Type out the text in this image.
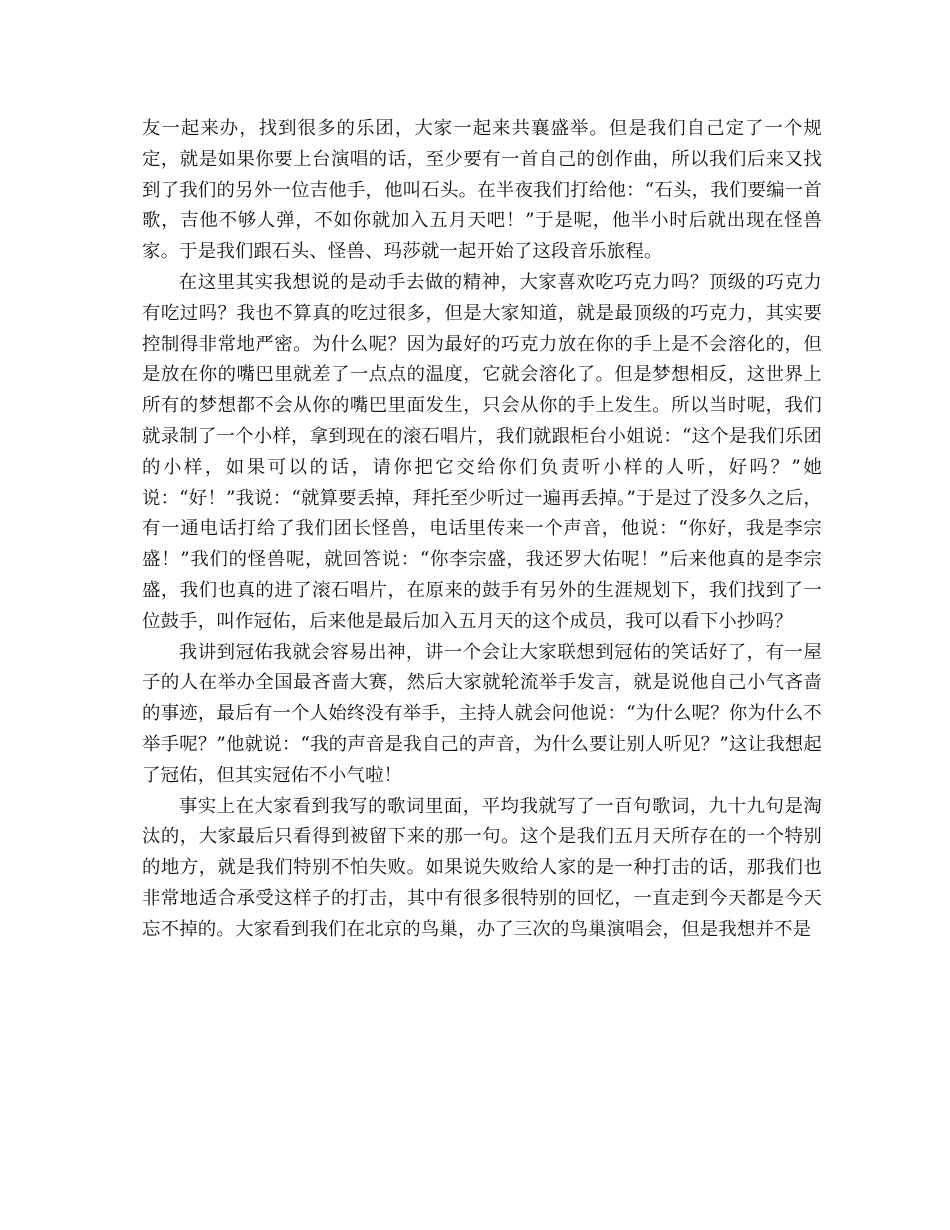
友一起来办，找到很多的乐团，大家一起来共襄盛举。但是我们自己定了一个规定，就是如果你要上台演唱的话，至少要有一首自己的创作曲，所以我们后来又找到了我们的另外一位吉他手，他叫石头。在半夜我们打给他：“石头，我们要编一首歌，吉他不够人弹，不如你就加入五月天吧！”于是呢，他半小时后就出现在怪兽家。于是我们跟石头、怪兽、玛莎就一起开始了这段音乐旅程。

在这里其实我想说的是动手去做的精神，大家喜欢吃巧克力吗？顶级的巧克力有吃过吗？我也不算真的吃过很多，但是大家知道，就是最顶级的巧克力，其实要控制得非常地严密。为什么呢？因为最好的巧克力放在你的手上是不会溶化的，但是放在你的嘴巴里就差了一点点的温度，它就会溶化了。但是梦想相反，这世界上所有的梦想都不会从你的嘴巴里面发生，只会从你的手上发生。所以当时呢，我们就录制了一个小样，拿到现在的滚石唱片，我们就跟柜台小姐说：“这个是我们乐团的小样，如果可以的话，请你把它交给你们负责听小样的人听，好吗？”她说：“好！”我说：“就算要丢掉，拜托至少听过一遍再丢掉。”于是过了没多久之后，有一通电话打给了我们团长怪兽，电话里传来一个声音，他说：“你好，我是李宗盛！”我们的怪兽呢，就回答说：“你李宗盛，我还罗大佑呢！”后来他真的是李宗盛，我们也真的进了滚石唱片，在原来的鼓手有另外的生涯规划下，我们找到了一位鼓手，叫作冠佑，后来他是最后加入五月天的这个成员，我可以看下小抄吗？

我讲到冠佑我就会容易出神，讲一个会让大家联想到冠佑的笑话好了，有一屋子的人在举办全国最吝啬大赛，然后大家就轮流举手发言，就是说他自己小气吝啬的事迹，最后有一个人始终没有举手，主持人就会问他说：“为什么呢？你为什么不举手呢？”他就说：“我的声音是我自己的声音，为什么要让别人听见？”这让我想起了冠佑，但其实冠佑不小气啦！

事实上在大家看到我写的歌词里面，平均我就写了一百句歌词，九十九句是淘汰的，大家最后只看得到被留下来的那一句。这个是我们五月天所存在的一个特别的地方，就是我们特别不怕失败。如果说失败给人家的是一种打击的话，那我们也非常地适合承受这样子的打击，其中有很多很特别的回忆，一直走到今天都是今天忘不掉的。大家看到我们在北京的鸟巢，办了三次的鸟巢演唱会，但是我想并不是
